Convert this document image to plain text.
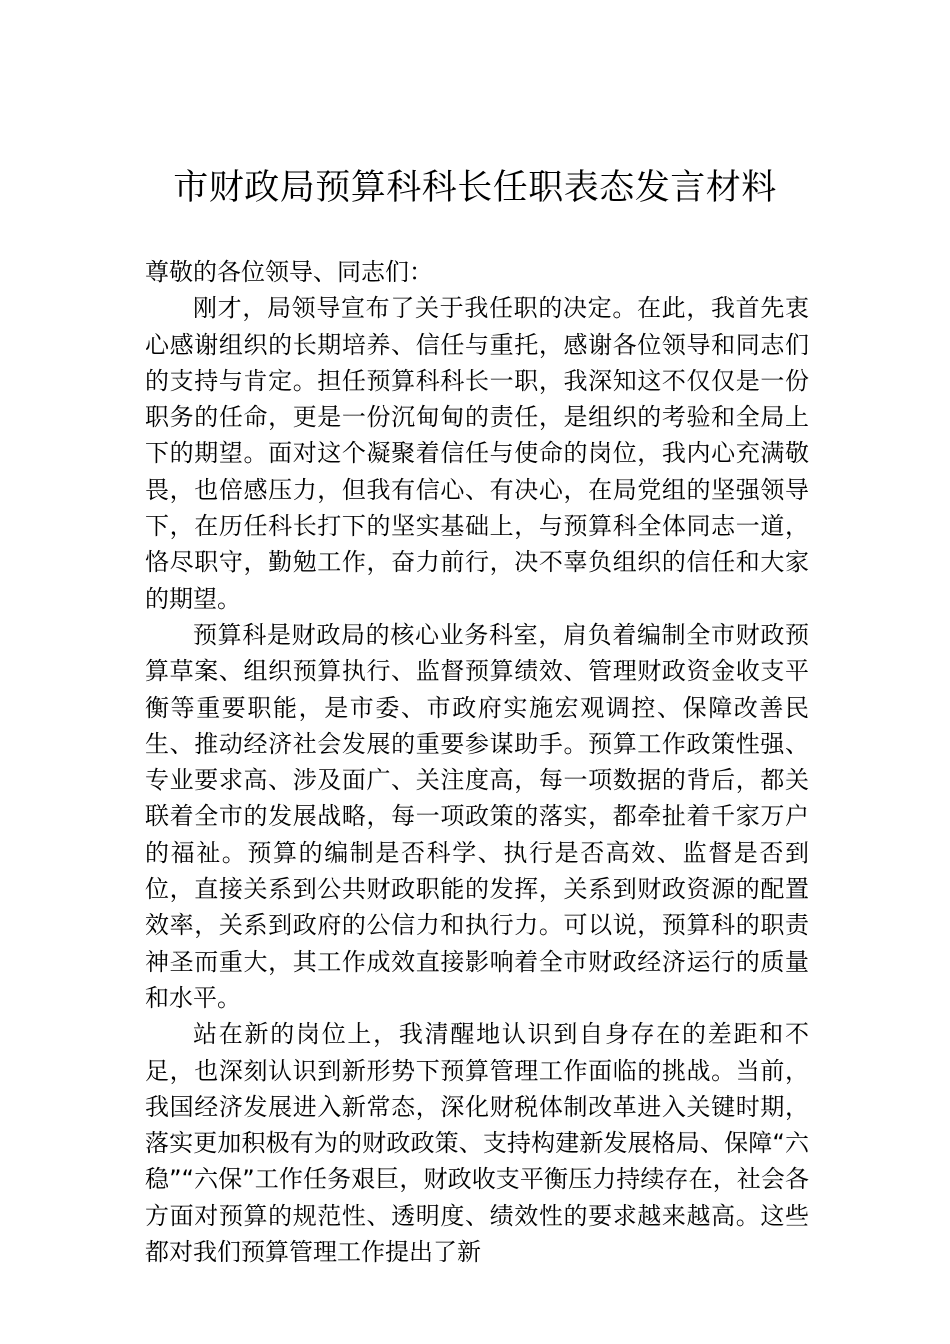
市财政局预算科科长任职表态发言材料

尊敬的各位领导、同志们：

刚才，局领导宣布了关于我任职的决定。在此，我首先衷心感谢组织的长期培养、信任与重托，感谢各位领导和同志们的支持与肯定。担任预算科科长一职，我深知这不仅仅是一份职务的任命，更是一份沉甸甸的责任，是组织的考验和全局上下的期望。面对这个凝聚着信任与使命的岗位，我内心充满敬畏，也倍感压力，但我有信心、有决心，在局党组的坚强领导下，在历任科长打下的坚实基础上，与预算科全体同志一道，恪尽职守，勤勉工作，奋力前行，决不辜负组织的信任和大家的期望。

预算科是财政局的核心业务科室，肩负着编制全市财政预算草案、组织预算执行、监督预算绩效、管理财政资金收支平衡等重要职能，是市委、市政府实施宏观调控、保障改善民生、推动经济社会发展的重要参谋助手。预算工作政策性强、专业要求高、涉及面广、关注度高，每一项数据的背后，都关联着全市的发展战略，每一项政策的落实，都牵扯着千家万户的福祉。预算的编制是否科学、执行是否高效、监督是否到位，直接关系到公共财政职能的发挥，关系到财政资源的配置效率，关系到政府的公信力和执行力。可以说，预算科的职责神圣而重大，其工作成效直接影响着全市财政经济运行的质量和水平。

站在新的岗位上，我清醒地认识到自身存在的差距和不足，也深刻认识到新形势下预算管理工作面临的挑战。当前，我国经济发展进入新常态，深化财税体制改革进入关键时期，落实更加积极有为的财政政策、支持构建新发展格局、保障“六稳”“六保”工作任务艰巨，财政收支平衡压力持续存在，社会各方面对预算的规范性、透明度、绩效性的要求越来越高。这些都对我们预算管理工作提出了新
